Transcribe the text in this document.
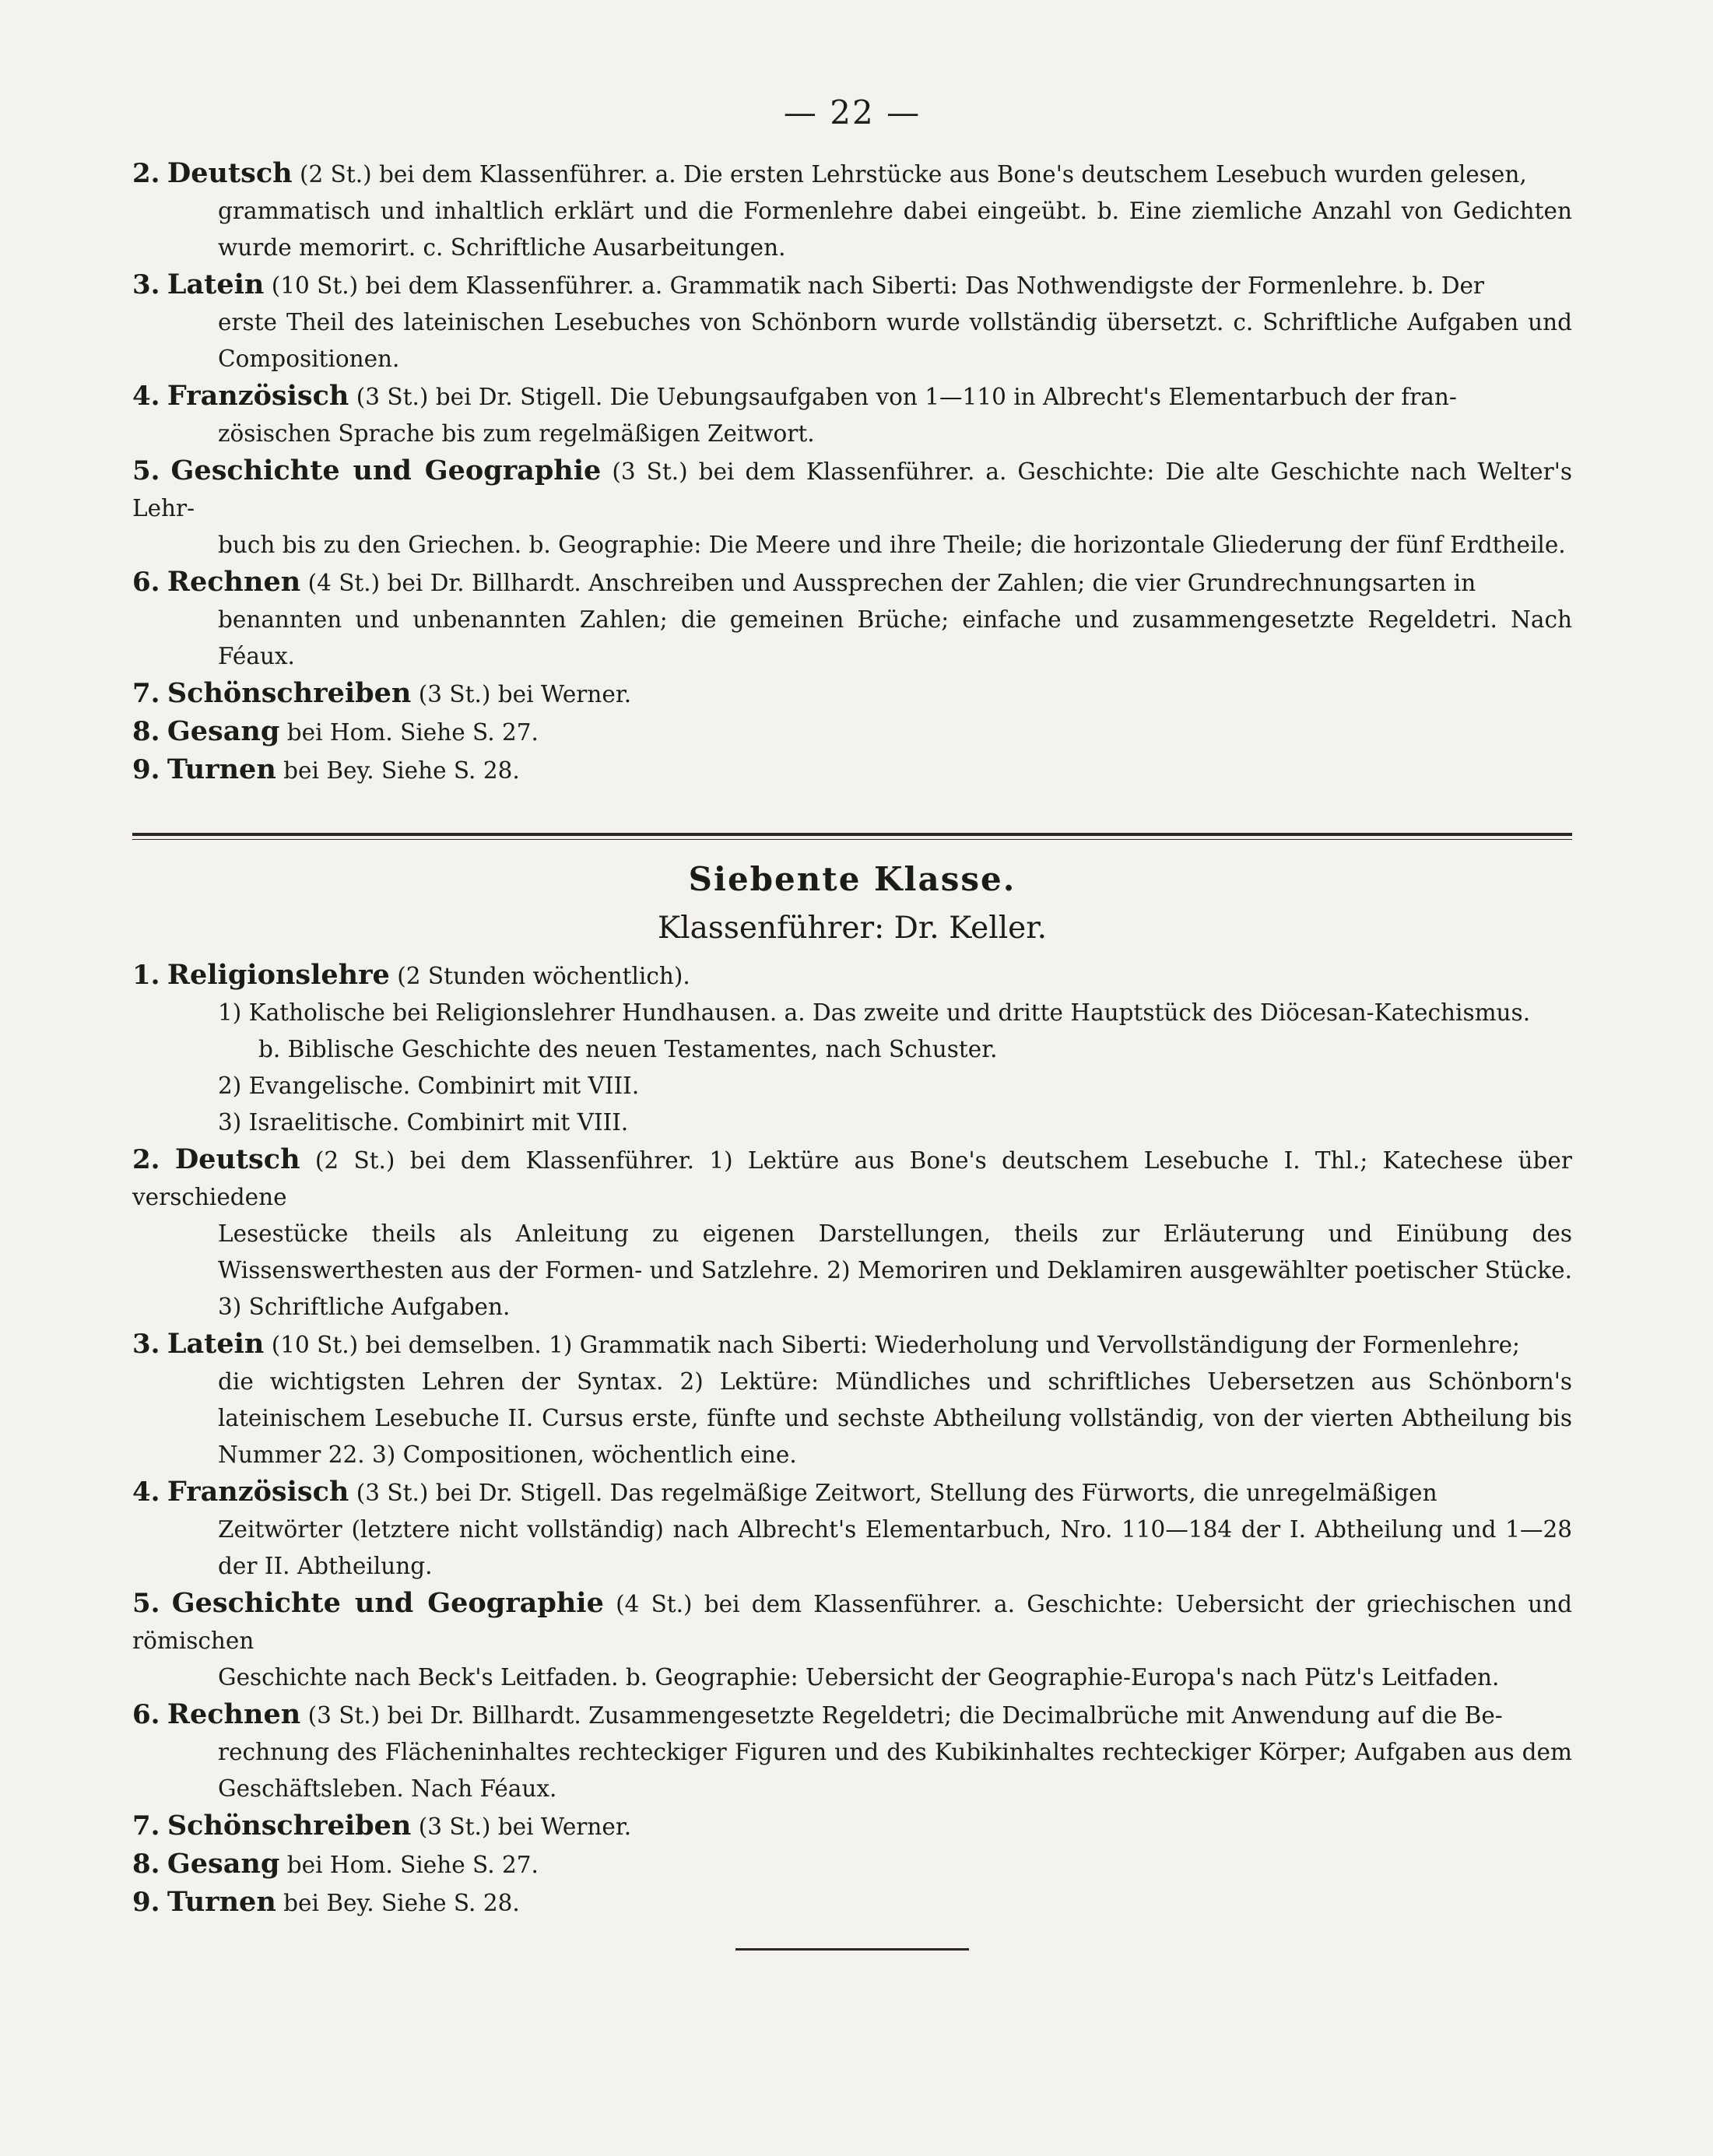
— 22 —

2. Deutsch (2 St.) bei dem Klassenführer. a. Die ersten Lehrstücke aus Bone's deutschem Lesebuch wurden gelesen,
grammatisch und inhaltlich erklärt und die Formenlehre dabei eingeübt. b. Eine ziemliche Anzahl von Gedichten wurde memorirt. c. Schriftliche Ausarbeitungen.

3. Latein (10 St.) bei dem Klassenführer. a. Grammatik nach Siberti: Das Nothwendigste der Formenlehre. b. Der
erste Theil des lateinischen Lesebuches von Schönborn wurde vollständig übersetzt. c. Schriftliche Aufgaben und Compositionen.

4. Französisch (3 St.) bei Dr. Stigell. Die Uebungsaufgaben von 1—110 in Albrecht's Elementarbuch der fran-
zösischen Sprache bis zum regelmäßigen Zeitwort.

5. Geschichte und Geographie (3 St.) bei dem Klassenführer. a. Geschichte: Die alte Geschichte nach Welter's Lehr-
buch bis zu den Griechen. b. Geographie: Die Meere und ihre Theile; die horizontale Gliederung der fünf Erdtheile.

6. Rechnen (4 St.) bei Dr. Billhardt. Anschreiben und Aussprechen der Zahlen; die vier Grundrechnungsarten in
benannten und unbenannten Zahlen; die gemeinen Brüche; einfache und zusammengesetzte Regeldetri. Nach Féaux.

7. Schönschreiben (3 St.) bei Werner.

8. Gesang bei Hom. Siehe S. 27.

9. Turnen bei Bey. Siehe S. 28.

Siebente Klasse.
Klassenführer: Dr. Keller.

1. Religionslehre (2 Stunden wöchentlich).

1) Katholische bei Religionslehrer Hundhausen. a. Das zweite und dritte Hauptstück des Diöcesan-Katechismus.
b. Biblische Geschichte des neuen Testamentes, nach Schuster.

2) Evangelische. Combinirt mit VIII.

3) Israelitische. Combinirt mit VIII.

2. Deutsch (2 St.) bei dem Klassenführer. 1) Lektüre aus Bone's deutschem Lesebuche I. Thl.; Katechese über verschiedene
Lesestücke theils als Anleitung zu eigenen Darstellungen, theils zur Erläuterung und Einübung des Wissenswerthesten aus der Formen- und Satzlehre. 2) Memoriren und Deklamiren ausgewählter poetischer Stücke. 3) Schriftliche Aufgaben.

3. Latein (10 St.) bei demselben. 1) Grammatik nach Siberti: Wiederholung und Vervollständigung der Formenlehre;
die wichtigsten Lehren der Syntax. 2) Lektüre: Mündliches und schriftliches Uebersetzen aus Schönborn's lateinischem Lesebuche II. Cursus erste, fünfte und sechste Abtheilung vollständig, von der vierten Abtheilung bis Nummer 22. 3) Compositionen, wöchentlich eine.

4. Französisch (3 St.) bei Dr. Stigell. Das regelmäßige Zeitwort, Stellung des Fürworts, die unregelmäßigen
Zeitwörter (letztere nicht vollständig) nach Albrecht's Elementarbuch, Nro. 110—184 der I. Abtheilung und 1—28 der II. Abtheilung.

5. Geschichte und Geographie (4 St.) bei dem Klassenführer. a. Geschichte: Uebersicht der griechischen und römischen
Geschichte nach Beck's Leitfaden. b. Geographie: Uebersicht der Geographie-Europa's nach Pütz's Leitfaden.

6. Rechnen (3 St.) bei Dr. Billhardt. Zusammengesetzte Regeldetri; die Decimalbrüche mit Anwendung auf die Be-
rechnung des Flächeninhaltes rechteckiger Figuren und des Kubikinhaltes rechteckiger Körper; Aufgaben aus dem Geschäftsleben. Nach Féaux.

7. Schönschreiben (3 St.) bei Werner.

8. Gesang bei Hom. Siehe S. 27.

9. Turnen bei Bey. Siehe S. 28.
